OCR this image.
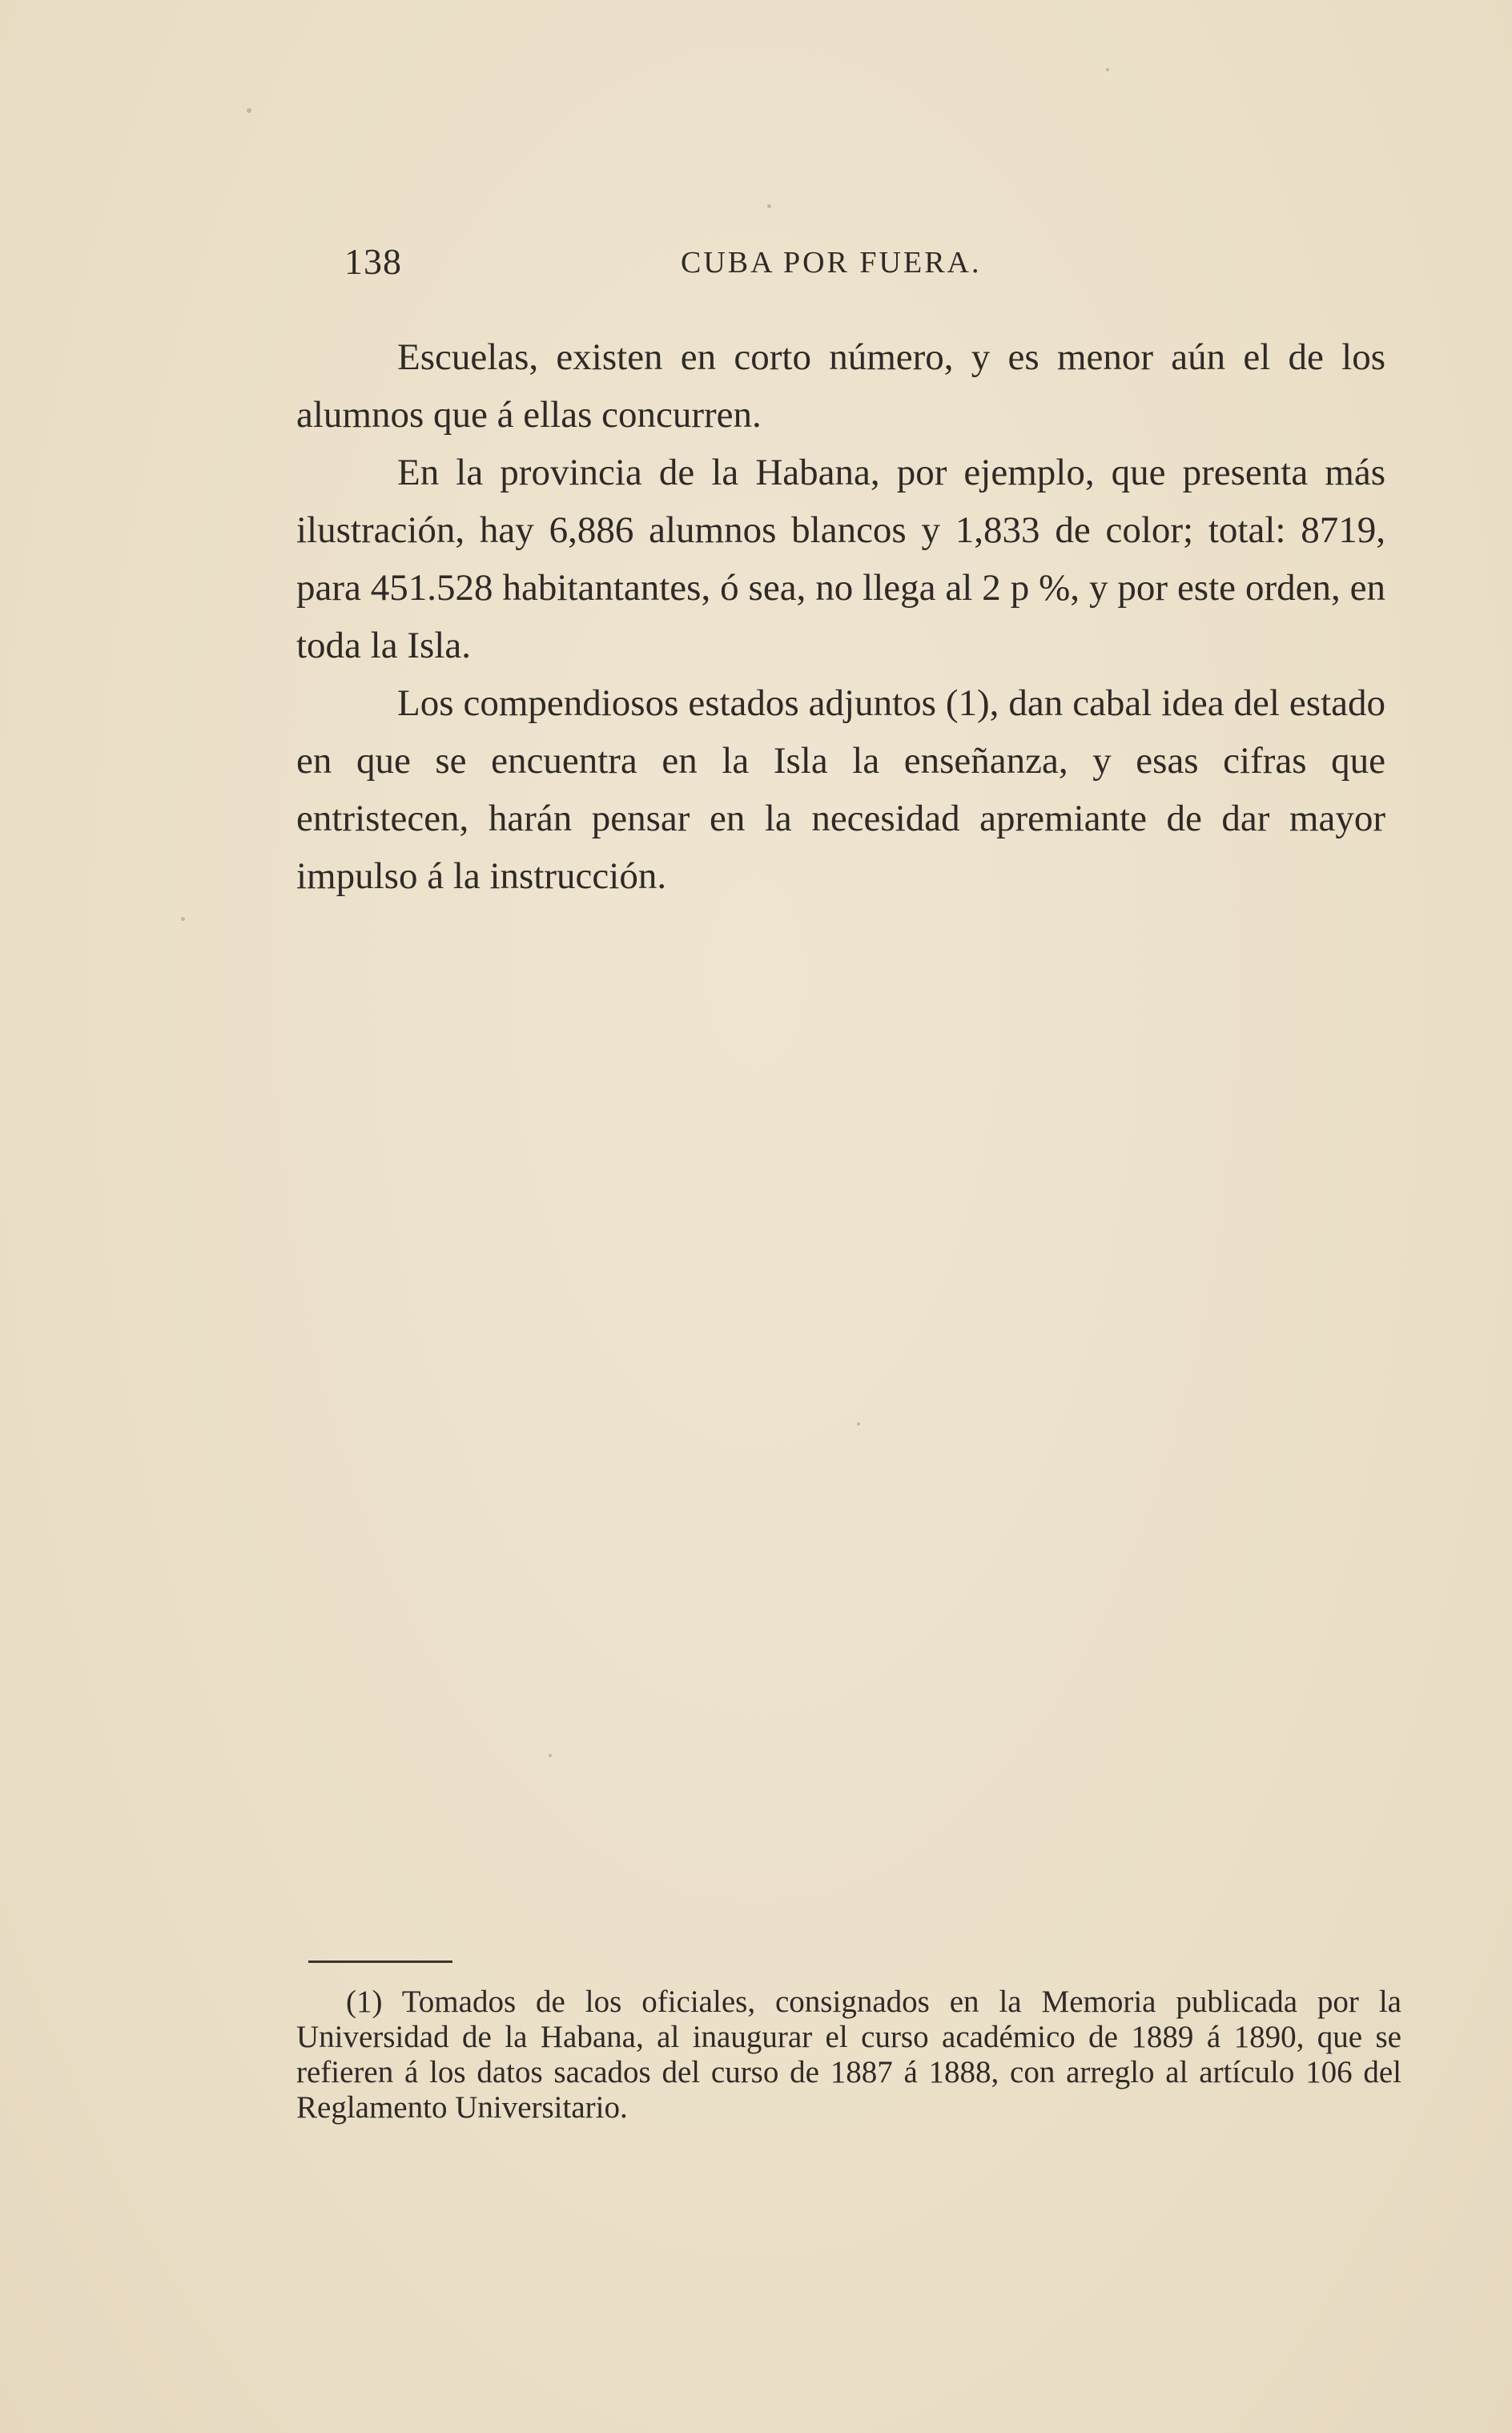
138	CUBA POR FUERA.

Escuelas, existen en corto número, y es menor aún el de los alumnos que á ellas concurren.

En la provincia de la Habana, por ejemplo, que presenta más ilustración, hay 6,886 alumnos blancos y 1,833 de color; total: 8719, para 451.528 habitantantes, ó sea, no llega al 2 p %, y por este orden, en toda la Isla.

Los compendiosos estados adjuntos (1), dan cabal idea del estado en que se encuentra en la Isla la enseñanza, y esas cifras que entristecen, harán pensar en la necesidad apremiante de dar mayor impulso á la instrucción.

(1) Tomados de los oficiales, consignados en la Memoria publicada por la Universidad de la Habana, al inaugurar el curso académico de 1889 á 1890, que se refieren á los datos sacados del curso de 1887 á 1888, con arreglo al artículo 106 del Reglamento Universitario.
